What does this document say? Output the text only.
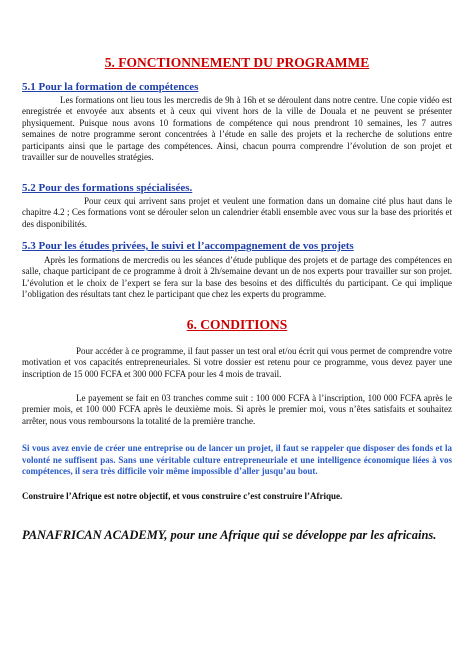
5. FONCTIONNEMENT DU PROGRAMME
5.1 Pour la formation de compétences

Les formations ont lieu tous les mercredis de 9h à 16h et se déroulent dans notre centre. Une copie vidéo est enregistrée et envoyée aux absents et à ceux qui vivent hors de la ville de Douala et ne peuvent se présenter physiquement. Puisque nous avons 10 formations de compétence qui nous prendront 10 semaines, les 7 autres semaines de notre programme seront concentrées à l’étude en salle des projets et la recherche de solutions entre participants ainsi que le partage des compétences. Ainsi, chacun pourra comprendre l’évolution de son projet et travailler sur de nouvelles stratégies.

5.2 Pour des formations spécialisées.

Pour ceux qui arrivent sans projet et veulent une formation dans un domaine cité plus haut dans le chapitre 4.2 ; Ces formations vont se dérouler selon un calendrier établi ensemble avec vous sur la base des priorités et des disponibilités.

5.3 Pour les études privées, le suivi et l’accompagnement de vos projets

Après les formations de mercredis ou les séances d’étude publique des projets et de partage des compétences en salle, chaque participant de ce programme à droit à 2h/semaine devant un de nos experts pour travailler sur son projet. L’évolution et le choix de l’expert se fera sur la base des besoins et des difficultés du participant. Ce qui implique l’obligation des résultats tant chez le participant que chez les experts du programme.

6. CONDITIONS

Pour accéder à ce programme, il faut passer un test oral et/ou écrit qui vous permet de comprendre votre motivation et vos capacités entrepreneuriales. Si votre dossier est retenu pour ce programme, vous devez payer une inscription de 15 000 FCFA et 300 000 FCFA pour les 4 mois de travail.

Le payement se fait en 03 tranches comme suit : 100 000 FCFA à l’inscription, 100 000 FCFA après le premier mois, et 100 000 FCFA après le deuxième mois. Si après le premier moi, vous n’êtes satisfaits et souhaitez arrêter, nous vous remboursons la totalité de la première tranche.

Si vous avez envie de créer une entreprise ou de lancer un projet, il faut se rappeler que disposer des fonds et la volonté ne suffisent pas. Sans une véritable culture entrepreneuriale et une intelligence économique liées à vos compétences, il sera très difficile voir même impossible d’aller jusqu’au bout.

Construire l’Afrique est notre objectif, et vous construire c’est construire l’Afrique.

PANAFRICAN ACADEMY, pour une Afrique qui se développe par les africains.
